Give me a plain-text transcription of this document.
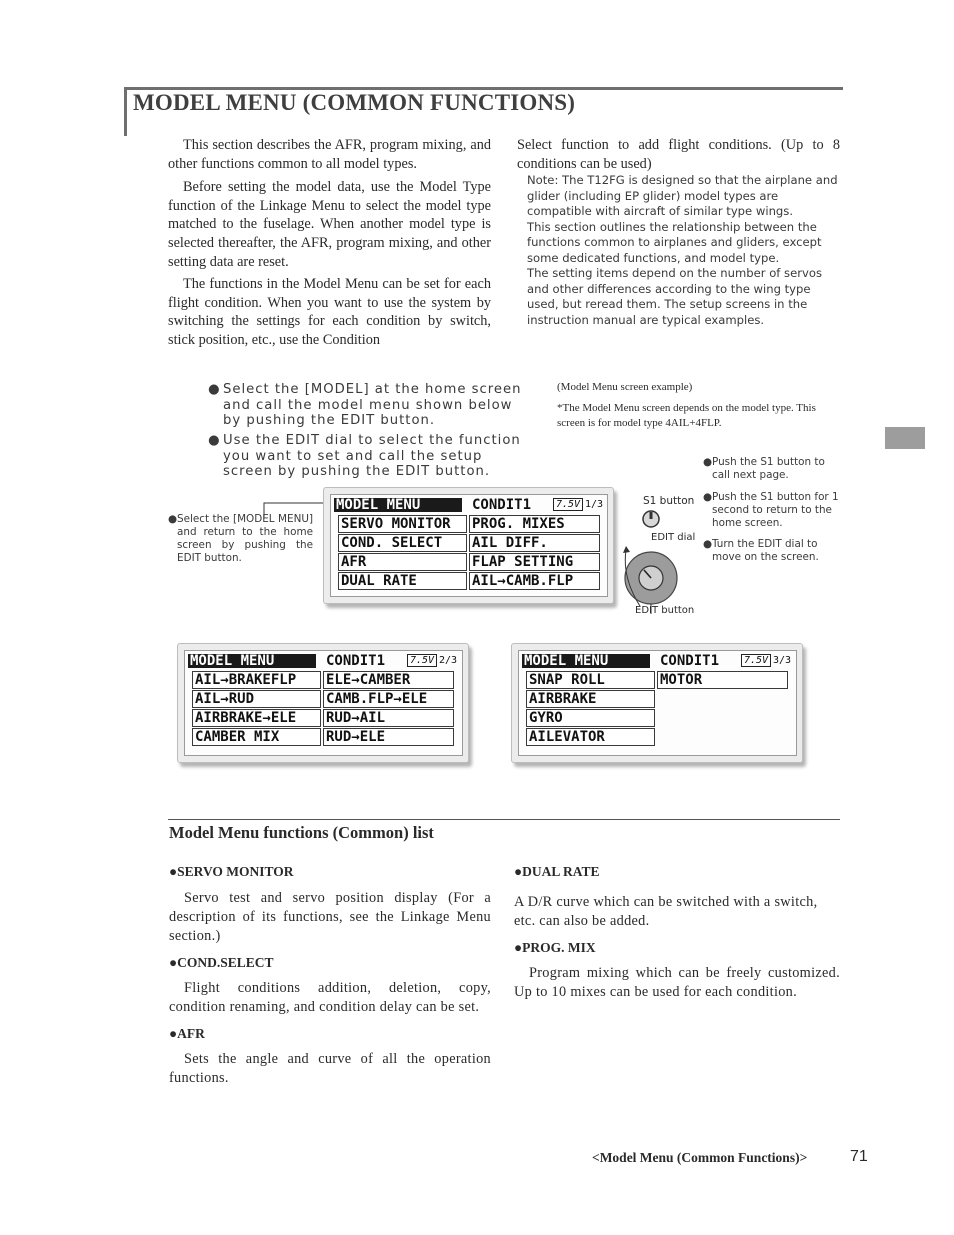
MODEL MENU (COMMON FUNCTIONS)
This section describes the AFR, program mixing, and other functions common to all model types.
Before setting the model data, use the Model Type function of the Linkage Menu to select the model type matched to the fuselage. When another model type is selected thereafter, the AFR, program mixing, and other setting data are reset.
The functions in the Model Menu can be set for each flight condition. When you want to use the system by switching the settings for each condition by switch, stick position, etc., use the Condition
Select function to add flight conditions. (Up to 8 conditions can be used)
Note: The T12FG is designed so that the airplane and glider (including EP glider) model types are compatible with aircraft of similar type wings.
This section outlines the relationship between the functions common to airplanes and gliders, except some dedicated functions, and model type.
The setting items depend on the number of servos and other differences according to the wing type used, but reread them. The setup screens in the instruction manual are typical examples.
● Select the [MODEL] at the home screen and call the model menu shown below by pushing the EDIT button.
● Use the EDIT dial to select the function you want to set and call the setup screen by pushing the EDIT button.
(Model Menu screen example)
*The Model Menu screen depends on the model type. This screen is for model type 4AIL+4FLP.
● Select the [MODEL MENU] and return to the home screen by pushing the EDIT button.
● Push the S1 button to call next page.
● Push the S1 button for 1 second to return to the home screen.
● Turn the EDIT dial to move on the screen.
S1 button
EDIT dial
EDIT button
MODEL MENU	CONDIT1	7.5V 1/3
SERVO MONITOR	PROG. MIXES
COND. SELECT	AIL DIFF.
AFR	FLAP SETTING
DUAL RATE	AIL→CAMB.FLP
MODEL MENU	CONDIT1	7.5V 2/3
AIL→BRAKEFLP	ELE→CAMBER
AIL→RUD	CAMB.FLP→ELE
AIRBRAKE→ELE	RUD→AIL
CAMBER MIX	RUD→ELE
MODEL MENU	CONDIT1	7.5V 3/3
SNAP ROLL	MOTOR
AIRBRAKE
GYRO
AILEVATOR
Model Menu functions (Common) list
●SERVO MONITOR
Servo test and servo position display (For a description of its functions, see the Linkage Menu section.)
●COND.SELECT
Flight conditions addition, deletion, copy, condition renaming, and condition delay can be set.
●AFR
Sets the angle and curve of all the operation functions.
●DUAL RATE
A D/R curve which can be switched with a switch, etc. can also be added.
●PROG. MIX
Program mixing which can be freely customized. Up to 10 mixes can be used for each condition.
<Model Menu (Common Functions)>	71
